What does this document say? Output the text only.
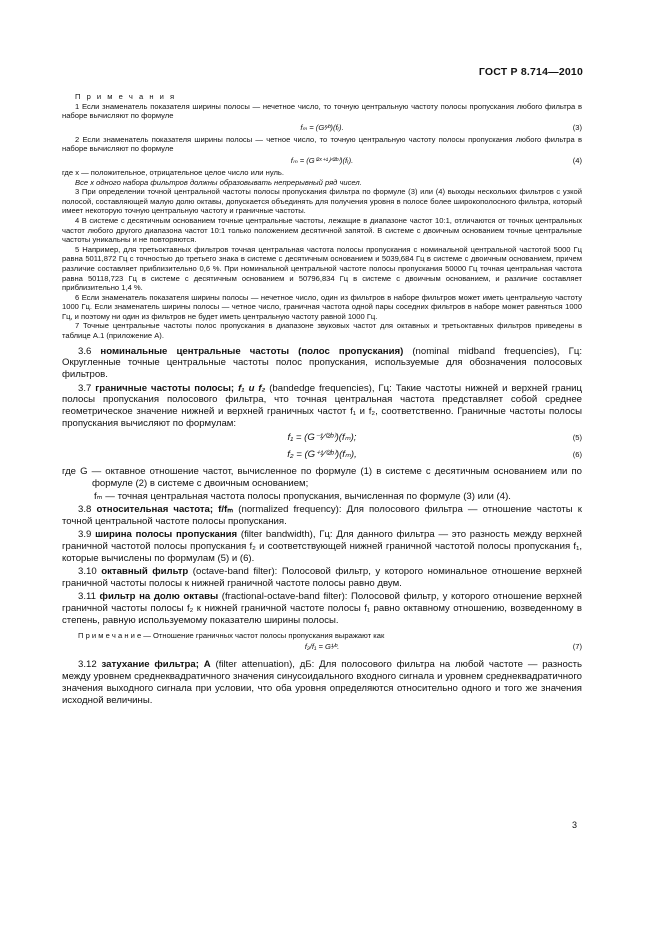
ГОСТ Р 8.714—2010

П р и м е ч а н и я

1 Если знаменатель показателя ширины полосы — нечетное число, то точную центральную частоту полосы пропускания любого фильтра в наборе вычисляют по формуле

fₘ = (Gˣ⁄ᵇ)(fᵣ).	(3)

2 Если знаменатель показателя ширины полосы — четное число, то точную центральную частоту полосы пропускания любого фильтра в наборе вычисляют по формуле

fₘ = (G⁽²ˣ⁺¹⁾⁄⁽²ᵇ⁾)(fᵣ).	(4)

где x — положительное, отрицательное целое число или нуль.

Все x одного набора фильтров должны образовывать непрерывный ряд чисел.

3 При определении точной центральной частоты полосы пропускания фильтра по формуле (3) или (4) выходы нескольких фильтров с узкой полосой, составляющей малую долю октавы, допускается объединять для получения уровня в полосе более широкополосного фильтра, который имеет некоторую точную центральную частоту и граничные частоты.

4 В системе с десятичным основанием точные центральные частоты, лежащие в диапазоне частот 10:1, отличаются от точных центральных частот любого другого диапазона частот 10:1 только положением десятичной запятой. В системе с двоичным основанием точные центральные частоты уникальны и не повторяются.

5 Например, для третьоктавных фильтров точная центральная частота полосы пропускания с номинальной центральной частотой 5000 Гц равна 5011,872 Гц с точностью до третьего знака в системе с десятичным основанием и 5039,684 Гц в системе с двоичным основанием, причем различие составляет приблизительно 0,6 %. При номинальной центральной частоте полосы пропускания 50000 Гц точная центральная частота равна 50118,723 Гц в системе с десятичным основанием и 50796,834 Гц в системе с двоичным основанием, и различие составляет приблизительно 1,4 %.

6 Если знаменатель показателя ширины полосы — нечетное число, один из фильтров в наборе фильтров может иметь центральную частоту 1000 Гц. Если знаменатель ширины полосы — четное число, граничная частота одной пары соседних фильтров в наборе может равняться 1000 Гц, и поэтому ни один из фильтров не будет иметь центральную частоту равной 1000 Гц.

7 Точные центральные частоты полос пропускания в диапазоне звуковых частот для октавных и третьоктавных фильтров приведены в таблице А.1 (приложение А).

3.6 номинальные центральные частоты (полос пропускания) (nominal midband frequencies), Гц: Округленные точные центральные частоты полос пропускания, используемые для обозначения полосовых фильтров.

3.7 граничные частоты полосы; f₁ и f₂ (bandedge frequencies), Гц: Такие частоты нижней и верхней границ полосы пропускания полосового фильтра, что точная центральная частота представляет собой среднее геометрическое значение нижней и верхней граничных частот f₁ и f₂, соответственно. Граничные частоты полосы пропускания вычисляют по формулам:

f₁ = (G⁻¹⁄⁽²ᵇ⁾)(fₘ);	(5)
f₂ = (G⁺¹⁄⁽²ᵇ⁾)(fₘ),	(6)

где G — октавное отношение частот, вычисленное по формуле (1) в системе с десятичным основанием или по формуле (2) в системе с двоичным основанием;

fₘ — точная центральная частота полосы пропускания, вычисленная по формуле (3) или (4).

3.8 относительная частота; f/fₘ (normalized frequency): Для полосового фильтра — отношение частоты к точной центральной частоте полосы пропускания.

3.9 ширина полосы пропускания (filter bandwidth), Гц: Для данного фильтра — это разность между верхней граничной частотой полосы пропускания f₂ и соответствующей нижней граничной частотой полосы пропускания f₁, которые вычислены по формулам (5) и (6).

3.10 октавный фильтр (octave-band filter): Полосовой фильтр, у которого номинальное отношение верхней граничной частоты полосы к нижней граничной частоте полосы равно двум.

3.11 фильтр на долю октавы (fractional-octave-band filter): Полосовой фильтр, у которого отношение верхней граничной частоты полосы f₂ к нижней граничной частоте полосы f₁ равно октавному отношению, возведенному в степень, равную используемому показателю ширины полосы.

П р и м е ч а н и е — Отношение граничных частот полосы пропускания выражают как

f₂/f₁ = G¹⁄ᵇ.	(7)

3.12 затухание фильтра; A (filter attenuation), дБ: Для полосового фильтра на любой частоте — разность между уровнем среднеквадратичного значения синусоидального входного сигнала и уровнем среднеквадратичного значения выходного сигнала при условии, что оба уровня определяются относительно одного и того же значения исходной величины.

3
